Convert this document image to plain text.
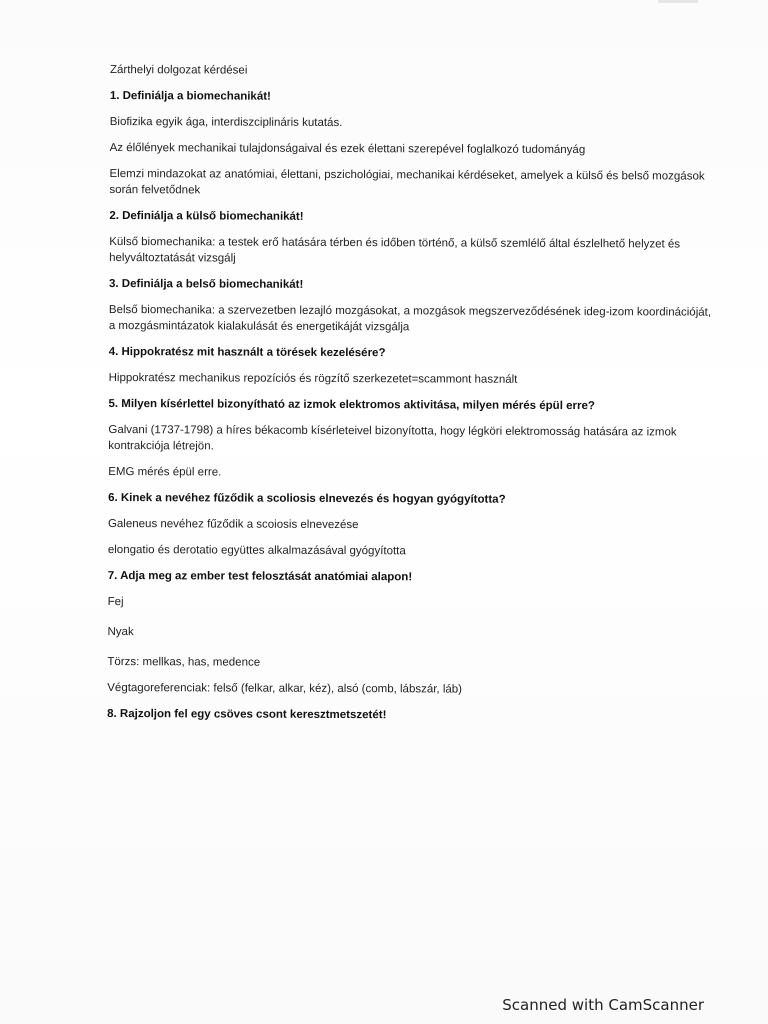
Zárthelyi dolgozat kérdései

1. Definiálja a biomechanikát!

Biofizika egyik ága, interdiszciplináris kutatás.

Az élőlények mechanikai tulajdonságaival és ezek élettani szerepével foglalkozó tudományág

Elemzi mindazokat az anatómiai, élettani, pszichológiai, mechanikai kérdéseket, amelyek a külső és belső mozgások során felvetődnek

2. Definiálja a külső biomechanikát!

Külső biomechanika: a testek erő hatására térben és időben történő, a külső szemlélő által észlelhető helyzet és helyváltoztatását vizsgálj

3. Definiálja a belső biomechanikát!

Belső biomechanika: a szervezetben lezajló mozgásokat, a mozgások megszerveződésének ideg-izom koordinációját, a mozgásmintázatok kialakulását és energetikáját vizsgálja

4. Hippokratész mit használt a törések kezelésére?

Hippokratész mechanikus repozíciós és rögzítő szerkezetet=scammont használt

5. Milyen kísérlettel bizonyítható az izmok elektromos aktivitása, milyen mérés épül erre?

Galvani (1737-1798) a híres békacomb kísérleteivel bizonyította, hogy légköri elektromosság hatására az izmok kontrakciója létrejön.

EMG mérés épül erre.

6. Kinek a nevéhez fűződik a scoliosis elnevezés és hogyan gyógyította?

Galeneus nevéhez fűződik a scoiosis elnevezése

elongatio és derotatio együttes alkalmazásával gyógyította

7. Adja meg az ember test felosztását anatómiai alapon!

Fej

Nyak

Törzs: mellkas, has, medence

Végtagoreferenciak: felső (felkar, alkar, kéz), alsó (comb, lábszár, láb)

8. Rajzoljon fel egy csöves csont keresztmetszetét!

Scanned with CamScanner
